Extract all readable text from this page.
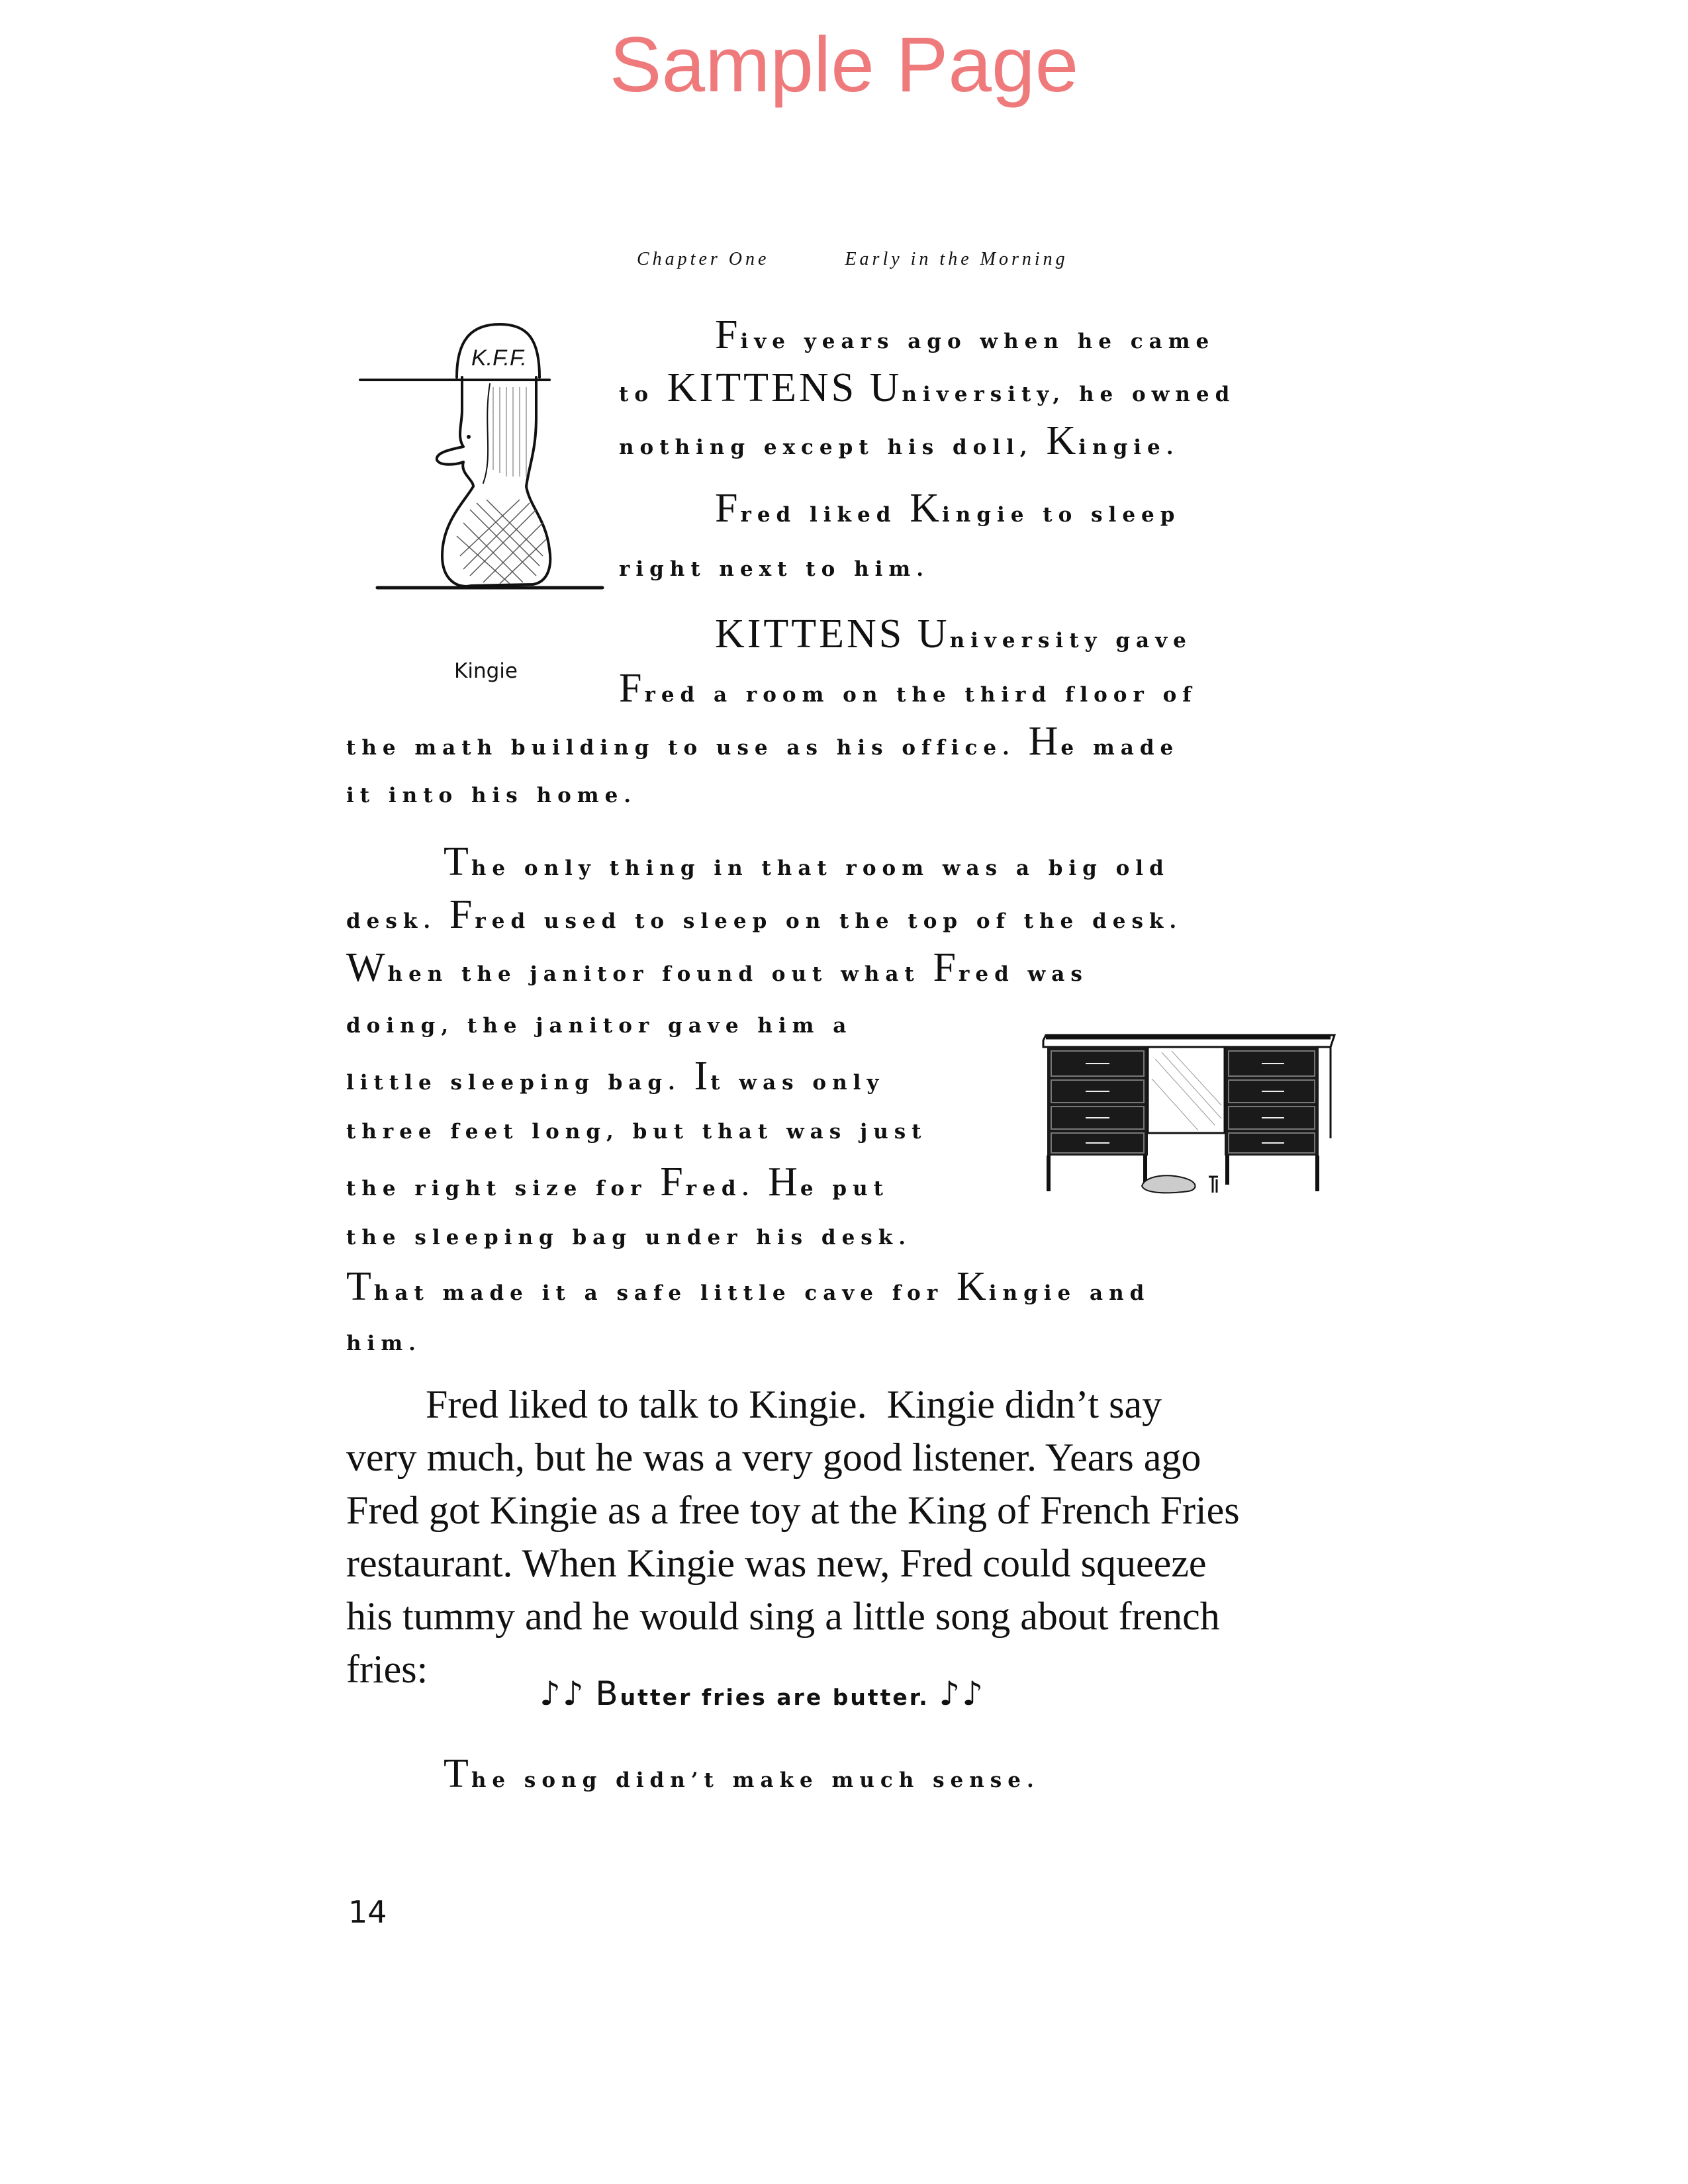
Sample Page
Chapter One	Early in the Morning
K.F.F.
Kingie
Five years ago when he came
to KITTENS University, he owned
nothing except his doll, Kingie.
Fred liked Kingie to sleep
right next to him.
KITTENS University gave
Fred a room on the third floor of
the math building to use as his office. He made
it into his home.
The only thing in that room was a big old
desk. Fred used to sleep on the top of the desk.
When the janitor found out what Fred was
doing, the janitor gave him a
little sleeping bag. It was only
three feet long, but that was just
the right size for Fred. He put
the sleeping bag under his desk.
That made it a safe little cave for Kingie and
him.
Fred liked to talk to Kingie.  Kingie didn’t say
very much, but he was a very good listener. Years ago
Fred got Kingie as a free toy at the King of French Fries
restaurant. When Kingie was new, Fred could squeeze
his tummy and he would sing a little song about french
fries:
♪♪ Butter fries are butter. ♪♪
The song didn’t make much sense.
14
